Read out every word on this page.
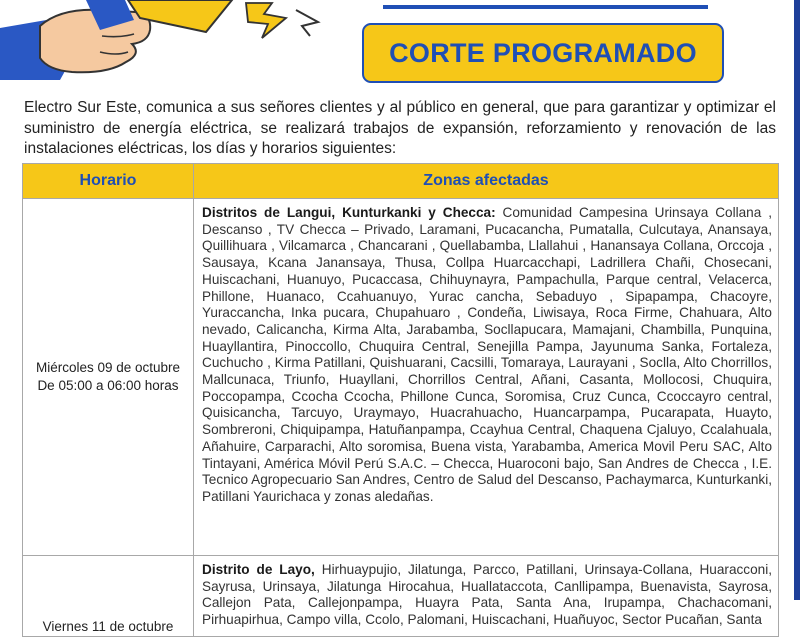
CORTE PROGRAMADO
Electro Sur Este, comunica a sus señores clientes y al público en general, que para garantizar y optimizar el suministro de energía eléctrica, se realizará trabajos de expansión, reforzamiento y renovación de las instalaciones eléctricas, los días y horarios siguientes:
Horario	Zonas afectadas

Miércoles 09 de octubre
De 05:00 a 06:00 horas	Distritos de Langui, Kunturkanki y Checca: Comunidad Campesina Urinsaya Collana , Descanso , TV Checca – Privado, Laramani, Pucacancha, Pumatalla, Culcutaya, Anansaya, Quillihuara , Vilcamarca , Chancarani , Quellabamba, Llallahui , Hanansaya Collana, Orccoja , Sausaya, Kcana Janansaya, Thusa, Collpa Huarcacchapi, Ladrillera Chañi, Chosecani, Huiscachani, Huanuyo, Pucaccasa, Chihuynayra, Pampachulla, Parque central, Velacerca, Phillone, Huanaco, Ccahuanuyo, Yurac cancha, Sebaduyo , Sipapampa, Chacoyre, Yuraccancha, Inka pucara, Chupahuaro , Condeña, Liwisaya, Roca Firme, Chahuara, Alto nevado, Calicancha, Kirma Alta, Jarabamba, Socllapucara, Mamajani, Chambilla, Punquina, Huayllantira, Pinoccollo, Chuquira Central, Senejilla Pampa, Jayunuma Sanka, Fortaleza, Cuchucho , Kirma Patillani, Quishuarani, Cacsilli, Tomaraya, Laurayani , Soclla, Alto Chorrillos, Mallcunaca, Triunfo, Huayllani, Chorrillos Central, Añani, Casanta, Mollocosi, Chuquira, Poccopampa, Ccocha Ccocha, Phillone Cunca, Soromisa, Cruz Cunca, Ccoccayro central, Quisicancha, Tarcuyo, Uraymayo, Huacrahuacho, Huancarpampa, Pucarapata, Huayto, Sombreroni, Chiquipampa, Hatuñanpampa, Ccayhua Central, Chaquena Cjaluyo, Ccalahuala, Añahuire, Carparachi, Alto soromisa, Buena vista, Yarabamba, America Movil Peru SAC, Alto Tintayani, América Móvil Perú S.A.C. – Checca, Huaroconi bajo, San Andres de Checca , I.E. Tecnico Agropecuario San Andres, Centro de Salud del Descanso, Pachaymarca, Kunturkanki, Patillani Yaurichaca y zonas aledañas.

Viernes 11 de octubre	Distrito de Layo, Hirhuaypujio, Jilatunga, Parcco, Patillani, Urinsaya-Collana, Huaracconi, Sayrusa, Urinsaya, Jilatunga Hirocahua, Huallataccota, Canllipampa, Buenavista, Sayrosa, Callejon Pata, Callejonpampa, Huayra Pata, Santa Ana, Irupampa, Chachacomani, Pirhuapirhua, Campo villa, Ccolo, Palomani, Huiscachani, Huañuyoc, Sector Pucañan, Santa
